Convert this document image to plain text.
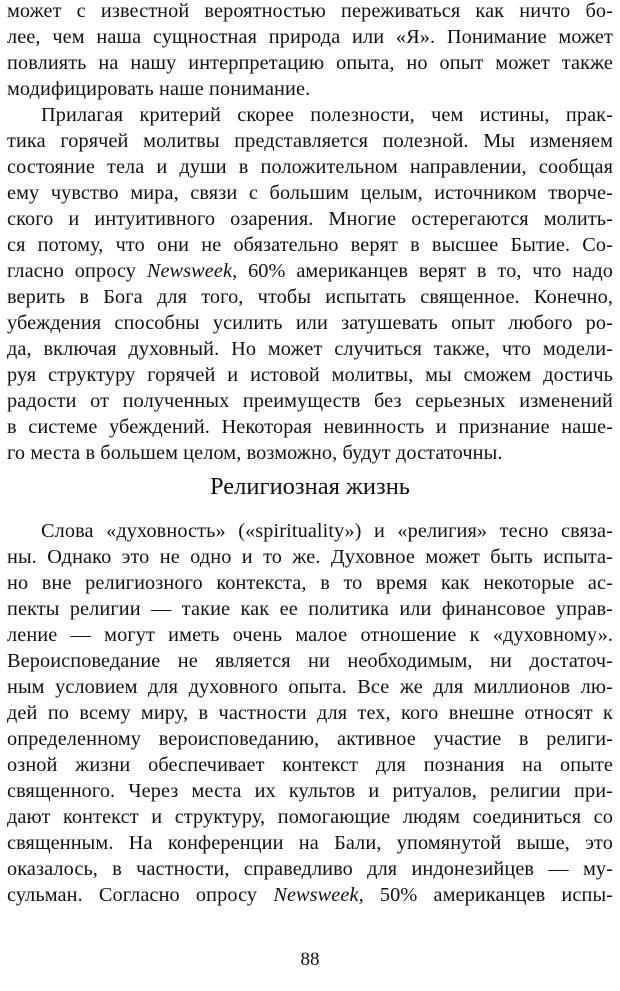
может с известной вероятностью переживаться как ничто бо-
лее, чем наша сущностная природа или «Я». Понимание может
повлиять на нашу интерпретацию опыта, но опыт может также
модифицировать наше понимание.
Прилагая критерий скорее полезности, чем истины, прак-
тика горячей молитвы представляется полезной. Мы изменяем
состояние тела и души в положительном направлении, сообщая
ему чувство мира, связи с большим целым, источником творче-
ского и интуитивного озарения. Многие остерегаются молить-
ся потому, что они не обязательно верят в высшее Бытие. Со-
гласно опросу Newsweek, 60% американцев верят в то, что надо
верить в Бога для того, чтобы испытать священное. Конечно,
убеждения способны усилить или затушевать опыт любого ро-
да, включая духовный. Но может случиться также, что модели-
руя структуру горячей и истовой молитвы, мы сможем достичь
радости от полученных преимуществ без серьезных изменений
в системе убеждений. Некоторая невинность и признание наше-
го места в большем целом, возможно, будут достаточны.
Религиозная жизнь
Слова «духовность» («spirituality») и «религия» тесно связа-
ны. Однако это не одно и то же. Духовное может быть испыта-
но вне религиозного контекста, в то время как некоторые ас-
пекты религии — такие как ее политика или финансовое управ-
ление — могут иметь очень малое отношение к «духовному».
Вероисповедание не является ни необходимым, ни достаточ-
ным условием для духовного опыта. Все же для миллионов лю-
дей по всему миру, в частности для тех, кого внешне относят к
определенному вероисповеданию, активное участие в религи-
озной жизни обеспечивает контекст для познания на опыте
священного. Через места их культов и ритуалов, религии при-
дают контекст и структуру, помогающие людям соединиться со
священным. На конференции на Бали, упомянутой выше, это
оказалось, в частности, справедливо для индонезийцев — му-
сульман. Согласно опросу Newsweek, 50% американцев испы-
88
